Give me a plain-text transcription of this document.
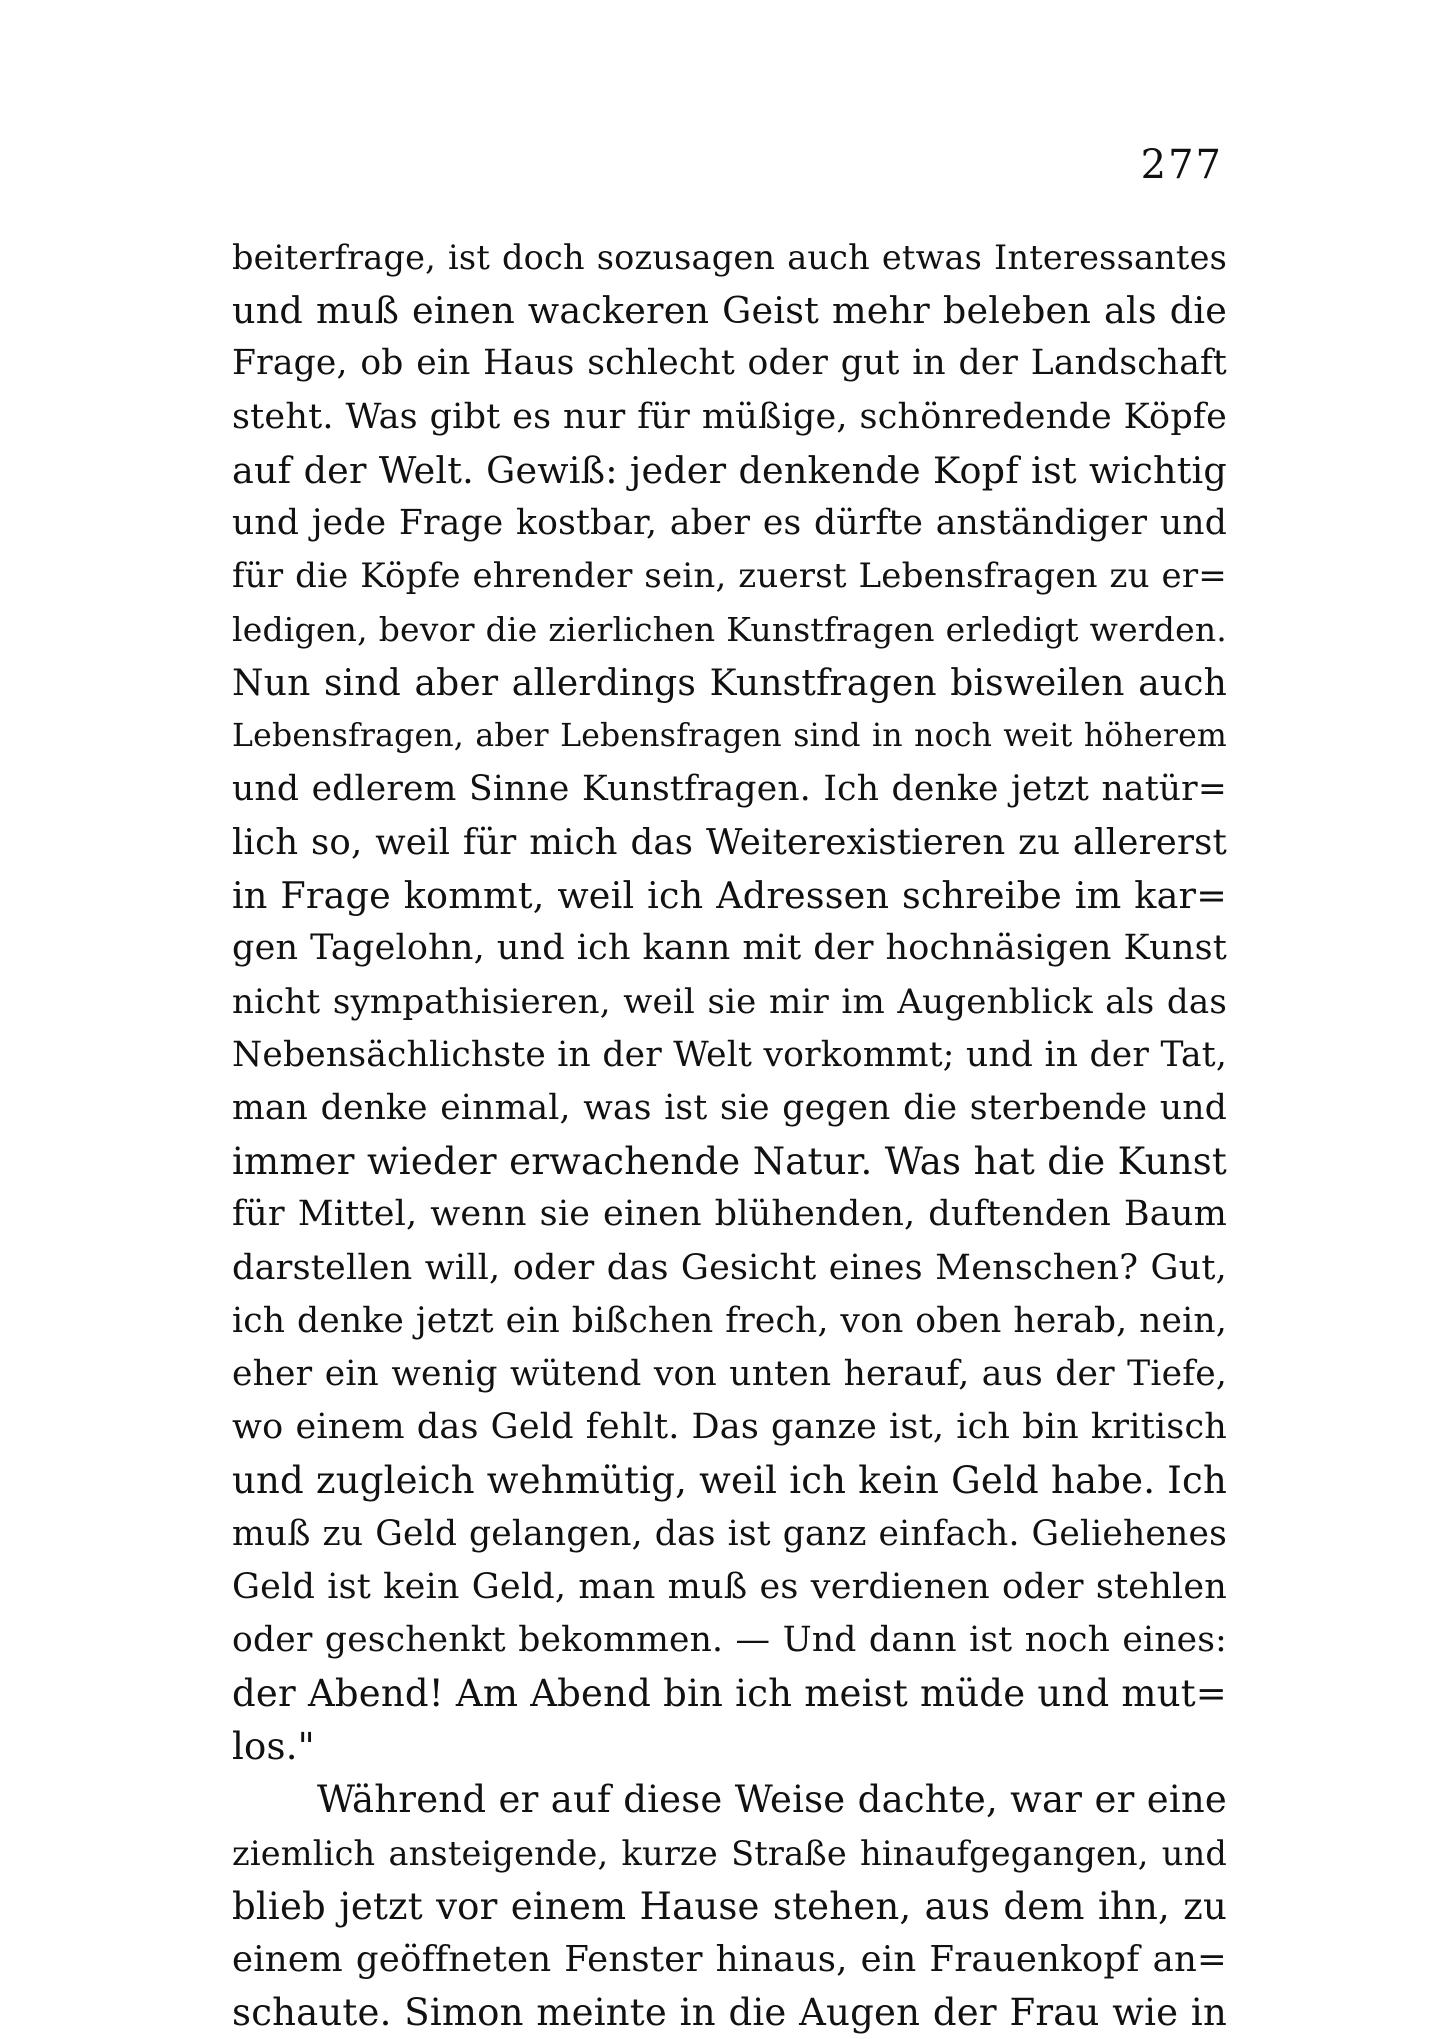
277
beiterfrage, ist doch sozusagen auch etwas Interessantes
und muß einen wackeren Geist mehr beleben als die
Frage, ob ein Haus schlecht oder gut in der Landschaft
steht. Was gibt es nur für müßige, schönredende Köpfe
auf der Welt. Gewiß: jeder denkende Kopf ist wichtig
und jede Frage kostbar, aber es dürfte anständiger und
für die Köpfe ehrender sein, zuerst Lebensfragen zu er=
ledigen, bevor die zierlichen Kunstfragen erledigt werden.
Nun sind aber allerdings Kunstfragen bisweilen auch
Lebensfragen, aber Lebensfragen sind in noch weit höherem
und edlerem Sinne Kunstfragen. Ich denke jetzt natür=
lich so, weil für mich das Weiterexistieren zu allererst
in Frage kommt, weil ich Adressen schreibe im kar=
gen Tagelohn, und ich kann mit der hochnäsigen Kunst
nicht sympathisieren, weil sie mir im Augenblick als das
Nebensächlichste in der Welt vorkommt; und in der Tat,
man denke einmal, was ist sie gegen die sterbende und
immer wieder erwachende Natur. Was hat die Kunst
für Mittel, wenn sie einen blühenden, duftenden Baum
darstellen will, oder das Gesicht eines Menschen? Gut,
ich denke jetzt ein bißchen frech, von oben herab, nein,
eher ein wenig wütend von unten herauf, aus der Tiefe,
wo einem das Geld fehlt. Das ganze ist, ich bin kritisch
und zugleich wehmütig, weil ich kein Geld habe. Ich
muß zu Geld gelangen, das ist ganz einfach. Geliehenes
Geld ist kein Geld, man muß es verdienen oder stehlen
oder geschenkt bekommen. — Und dann ist noch eines:
der Abend! Am Abend bin ich meist müde und mut=
los."
Während er auf diese Weise dachte, war er eine
ziemlich ansteigende, kurze Straße hinaufgegangen, und
blieb jetzt vor einem Hause stehen, aus dem ihn, zu
einem geöffneten Fenster hinaus, ein Frauenkopf an=
schaute. Simon meinte in die Augen der Frau wie in
